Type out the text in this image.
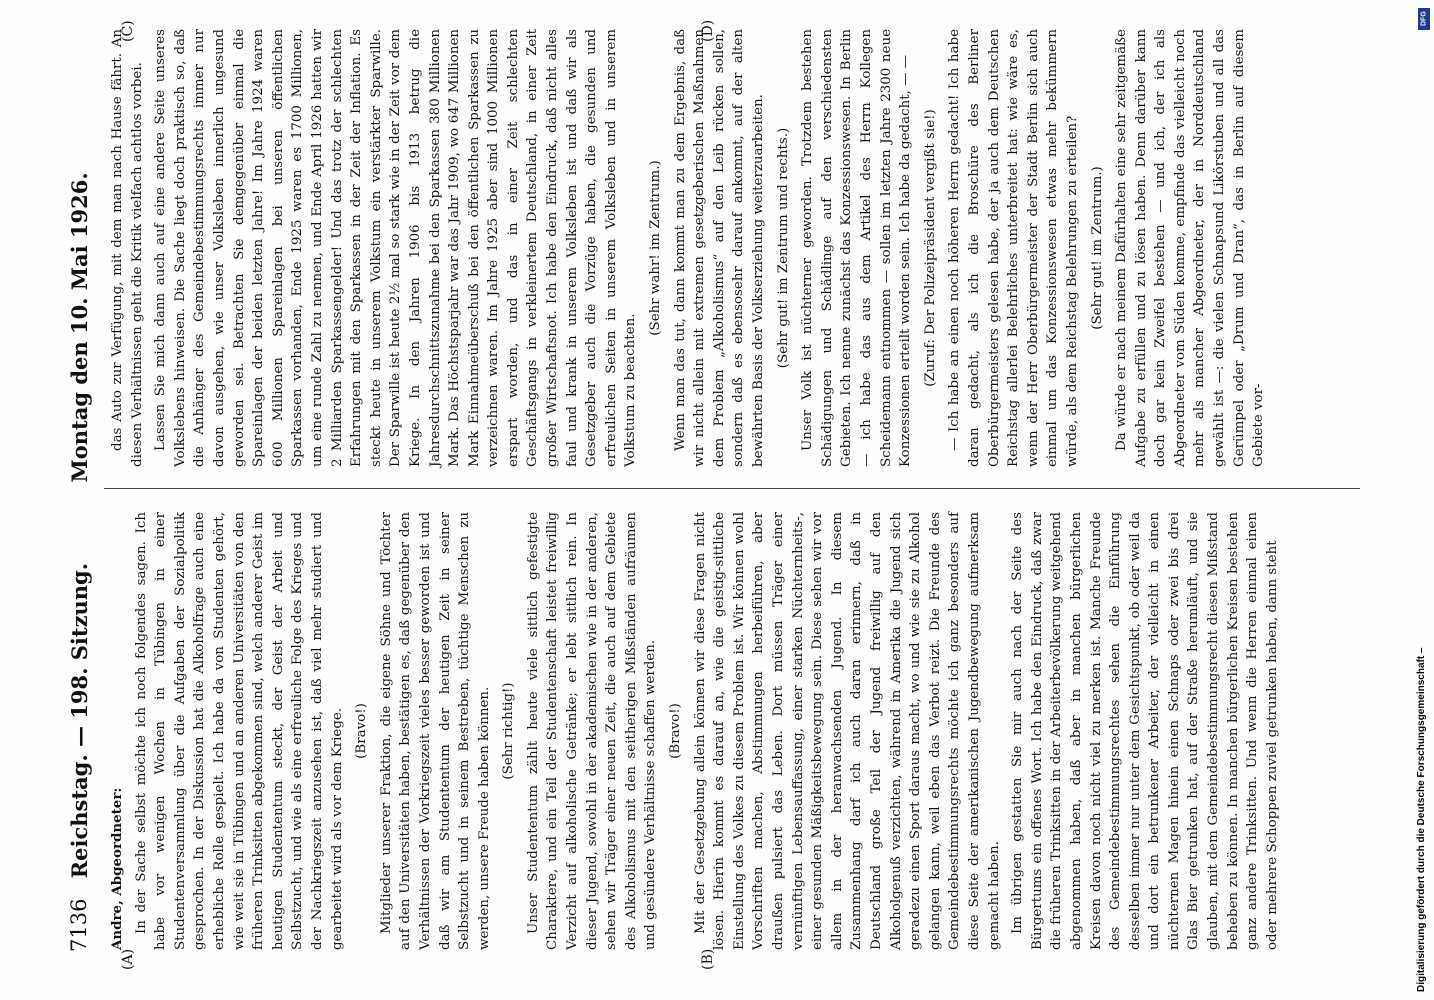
7136
Reichstag. — 198. Sitzung.
Montag den 10. Mai 1926.
(A)	(B)
(C)	(D)

Andre, Abgeordneter: In der Sache selbst möchte ich noch folgendes sagen. Ich habe vor wenigen Wochen in Tübingen in einer Studentenversammlung über die Aufgaben der Sozialpolitik gesprochen. In der Diskussion hat die Alkoholfrage auch eine erhebliche Rolle gespielt. Ich habe da von Studenten gehört, wie weit sie in Tübingen und an anderen Universitäten von den früheren Trinksitten abgekommen sind, welch anderer Geist im heutigen Studententum steckt, der Geist der Arbeit und Selbstzucht, und wie als eine erfreuliche Folge des Krieges und der Nachkriegszeit anzusehen ist, daß viel mehr studiert und gearbeitet wird als vor dem Kriege. (Bravo!) Mitglieder unserer Fraktion, die eigene Söhne und Töchter auf den Universitäten haben, bestätigen es, daß gegenüber den Verhältnissen der Vorkriegszeit vieles besser geworden ist und daß wir am Studententum der heutigen Zeit in seiner Selbstzucht und in seinem Bestreben, tüchtige Menschen zu werden, unsere Freude haben können. (Sehr richtig!) Unser Studententum zählt heute viele sittlich gefestigte Charaktere, und ein Teil der Studentenschaft leistet freiwillig Verzicht auf alkoholische Getränke; er lebt sittlich rein. In dieser Jugend, sowohl in der akademischen wie in der anderen, sehen wir Träger einer neuen Zeit, die auch auf dem Gebiete des Alkoholismus mit den seitherigen Mißständen aufräumen und gesündere Verhältnisse schaffen werden. (Bravo!) Mit der Gesetzgebung allein können wir diese Fragen nicht lösen. Hierin kommt es darauf an, wie die geistig-sittliche Einstellung des Volkes zu diesem Problem ist. Wir können wohl Vorschriften machen, Abstimmungen herbeiführen, aber draußen pulsiert das Leben. Dort müssen Träger einer vernünftigen Lebensauffassung, einer starken Nüchternheits-, einer gesunden Mäßigkeitsbewegung sein. Diese sehen wir vor allem in der heranwachsenden Jugend. In diesem Zusammenhang darf ich auch daran erinnern, daß in Deutschland große Teil der Jugend freiwillig auf den Alkoholgenuß verzichten, während in Amerika die Jugend sich geradezu einen Sport daraus macht, wo und wie sie zu Alkohol gelangen kann, weil eben das Verbot reizt. Die Freunde des Gemeindebestimmungsrechts möchte ich ganz besonders auf diese Seite der amerikanischen Jugendbewegung aufmerksam gemacht haben. Im übrigen gestatten Sie mir auch nach der Seite des Bürgertums ein offenes Wort. Ich habe den Eindruck, daß zwar die früheren Trinksitten in der Arbeiterbevölkerung weitgehend abgenommen haben, daß aber in manchen bürgerlichen Kreisen davon noch nicht viel zu merken ist. Manche Freunde des Gemeindebestimmungsrechtes sehen die Einführung desselben immer nur unter dem Gesichtspunkt, ob oder weil da und dort ein betrunkener Arbeiter, der vielleicht in einen nüchternen Magen hinein einen Schnaps oder zwei bis drei Glas Bier getrunken hat, auf der Straße herumläuft, und sie glauben, mit dem Gemeindebestimmungsrecht diesen Mißstand beheben zu können. In manchen bürgerlichen Kreisen bestehen ganz andere Trinksitten. Und wenn die Herren einmal einen oder mehrere Schoppen zuviel getrunken haben, dann steht

das Auto zur Verfügung, mit dem man nach Hause fährt. An diesen Verhältnissen geht die Kritik vielfach achtlos vorbei. Lassen Sie mich dann auch auf eine andere Seite unseres Volkslebens hinweisen. Die Sache liegt doch praktisch so, daß die Anhänger des Gemeindebestimmungsrechts immer nur davon ausgehen, wie unser Volksleben innerlich ungesund geworden sei. Betrachten Sie demgegenüber einmal die Spareinlagen der beiden letzten Jahre! Im Jahre 1924 waren 600 Millionen Spareinlagen bei unseren öffentlichen Sparkassen vorhanden, Ende 1925 waren es 1700 Millionen, um eine runde Zahl zu nennen, und Ende April 1926 hatten wir 2 Milliarden Sparkassengelder! Und das trotz der schlechten Erfahrungen mit den Sparkassen in der Zeit der Inflation. Es steckt heute in unserem Volkstum ein verstärkter Sparwille. Der Sparwille ist heute 2½ mal so stark wie in der Zeit vor dem Kriege. In den Jahren 1906 bis 1913 betrug die Jahresdurchschnittszunahme bei den Sparkassen 380 Millionen Mark. Das Höchstsparjahr war das Jahr 1909, wo 647 Millionen Mark Einnahmeüberschuß bei den öffentlichen Sparkassen zu verzeichnen waren. Im Jahre 1925 aber sind 1000 Millionen erspart worden, und das in einer Zeit schlechten Geschäftsgangs in verkleinertem Deutschland, in einer Zeit großer Wirtschaftsnot. Ich habe den Eindruck, daß nicht alles faul und krank in unserem Volksleben ist und daß wir als Gesetzgeber auch die Vorzüge haben, die gesunden und erfreulichen Seiten in unserem Volksleben und in unserem Volkstum zu beachten.

(Sehr wahr! im Zentrum.) Wenn man das tut, dann kommt man zu dem Ergebnis, daß wir nicht allein mit extremen gesetzgeberischen Maßnahmen dem Problem „Alkoholismus“ auf den Leib rücken sollen, sondern daß es ebensosehr darauf ankommt, auf der alten bewährten Basis der Volkserziehung weiterzuarbeiten. (Sehr gut! im Zentrum und rechts.) Unser Volk ist nüchterner geworden. Trotzdem bestehen Schädigungen und Schädlinge auf den verschiedensten Gebieten. Ich nenne zunächst das Konzessionswesen. In Berlin — ich habe das aus dem Artikel des Herrn Kollegen Scheidemann entnommen — sollen im letzten Jahre 2300 neue Konzessionen erteilt worden sein. Ich habe da gedacht, — — (Zuruf: Der Polizeipräsident vergißt sie!) — Ich habe an einen noch höheren Herrn gedacht! Ich habe daran gedacht, als ich die Broschüre des Berliner Oberbürgermeisters gelesen habe, der ja auch dem Deutschen Reichstag allerlei Belehrliches unterbreitet hat: wie wäre es, wenn der Herr Oberbürgermeister der Stadt Berlin sich auch einmal um das Konzessionswesen etwas mehr bekümmern würde, als dem Reichstag Belehrungen zu erteilen? (Sehr gut! im Zentrum.) Da würde er nach meinem Dafürhalten eine sehr zeitgemäße Aufgabe zu erfüllen und zu lösen haben. Denn darüber kann doch gar kein Zweifel bestehen — und ich, der ich als Abgeordneter vom Süden komme, empfinde das vielleicht noch mehr als mancher Abgeordneter, der in Norddeutschland gewählt ist —: die vielen Schnapsund Likörstuben und all das Gerümpel oder „Drum und Dran“, das in Berlin auf diesem Gebiete vor-

Digitalisierung gefördert durch die Deutsche Forschungsgemeinschaft –
DFG
